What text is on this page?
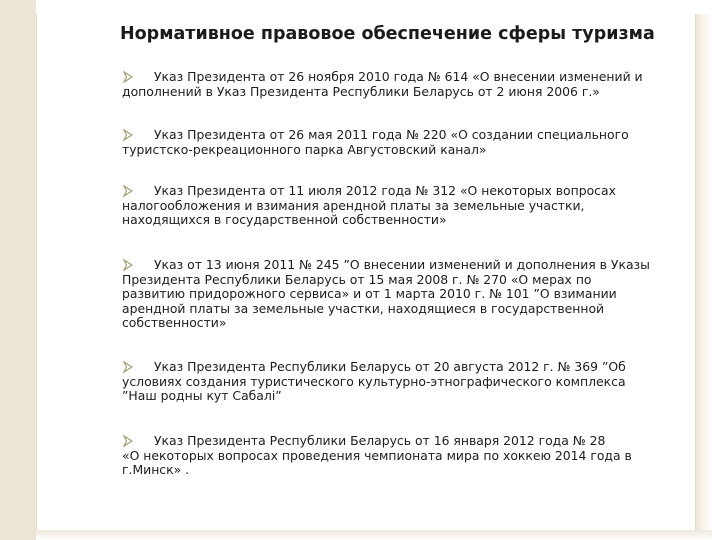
Нормативное правовое обеспечение сферы туризма
Указ Президента от 26 ноября 2010 года № 614 «О внесении изменений и
дополнений в Указ Президента Республики Беларусь от 2 июня 2006 г.»
Указ Президента от 26 мая 2011 года № 220 «О создании специального
туристско-рекреационного парка Августовский канал»
Указ Президента от 11 июля 2012 года № 312 «О некоторых вопросах
налогообложения и взимания арендной платы за земельные участки,
находящихся в государственной собственности»
Указ от 13 июня 2011 № 245 ”О внесении изменений и дополнения в Указы
Президента Республики Беларусь от 15 мая 2008 г. № 270 «О мерах по
развитию придорожного сервиса» и от 1 марта 2010 г. № 101 ”О взимании
арендной платы за земельные участки, находящиеся в государственной
собственности»
Указ Президента Республики Беларусь от 20 августа 2012 г. № 369 ”Об
условиях создания туристического культурно-этнографического комплекса
”Наш родны кут Сабалі”
Указ Президента Республики Беларусь от 16 января 2012 года № 28
«О некоторых вопросах проведения чемпионата мира по хоккею 2014 года в
г.Минск» .
